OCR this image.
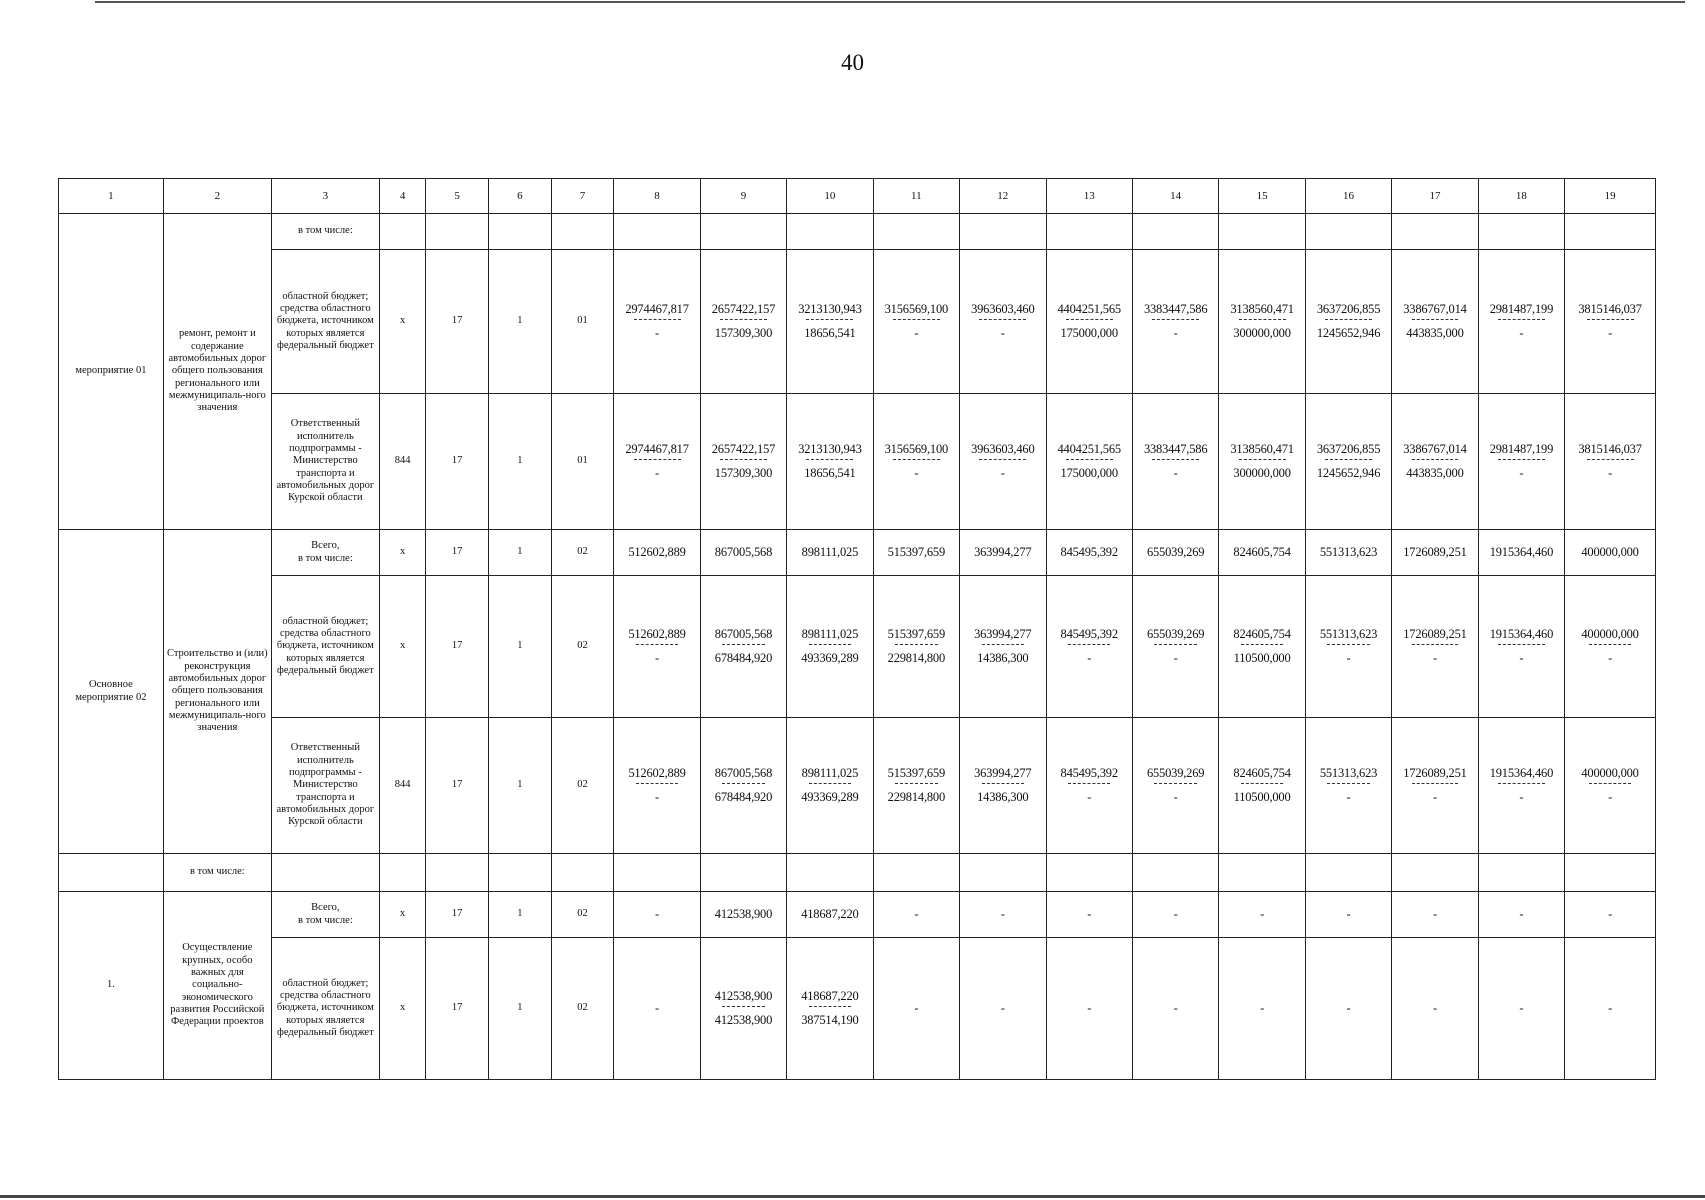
40
1	2	3	4	5	6	7	8	9	10	11	12	13	14	15	16	17	18	19
мероприятие 01	ремонт, ремонт и содержание автомобильных дорог общего пользования регионального или межмуниципаль-ного значения	в том числе:																
		областной бюджет; средства областного бюджета, источником которых является федеральный бюджет	x	17	1	01	$\frac{2974467,817}{-}$	$\frac{2657422,157}{157309,300}$	$\frac{3213130,943}{18656,541}$	$\frac{3156569,100}{-}$	$\frac{3963603,460}{-}$	$\frac{4404251,565}{175000,000}$	$\frac{3383447,586}{-}$	$\frac{3138560,471}{300000,000}$	$\frac{3637206,855}{1245652,946}$	$\frac{3386767,014}{443835,000}$	$\frac{2981487,199}{-}$	$\frac{3815146,037}{-}$

		Ответственный исполнитель подпрограммы - Министерство транспорта и автомобильных дорог Курской области	844	17	1	01	$\frac{2974467,817}{-}$	$\frac{2657422,157}{157309,300}$	$\frac{3213130,943}{18656,541}$	$\frac{3156569,100}{-}$	$\frac{3963603,460}{-}$	$\frac{4404251,565}{175000,000}$	$\frac{3383447,586}{-}$	$\frac{3138560,471}{300000,000}$	$\frac{3637206,855}{1245652,946}$	$\frac{3386767,014}{443835,000}$	$\frac{2981487,199}{-}$	$\frac{3815146,037}{-}$

Основное мероприятие 02	Строительство и (или) реконструкция автомобильных дорог общего пользования регионального или межмуниципаль-ного значения	Всего,
в том числе:	x	17	1	02	512602,889	867005,568	898111,025	515397,659	363994,277	845495,392	655039,269	824605,754	551313,623	1726089,251	1915364,460	400000,000
		областной бюджет; средства областного бюджета, источником которых является федеральный бюджет	x	17	1	02	$\frac{512602,889}{-}$	$\frac{867005,568}{678484,920}$	$\frac{898111,025}{493369,289}$	$\frac{515397,659}{229814,800}$	$\frac{363994,277}{14386,300}$	$\frac{845495,392}{-}$	$\frac{655039,269}{-}$	$\frac{824605,754}{110500,000}$	$\frac{551313,623}{-}$	$\frac{1726089,251}{-}$	$\frac{1915364,460}{-}$	$\frac{400000,000}{-}$

		Ответственный исполнитель подпрограммы - Министерство транспорта и автомобильных дорог Курской области	844	17	1	02	$\frac{512602,889}{-}$	$\frac{867005,568}{678484,920}$	$\frac{898111,025}{493369,289}$	$\frac{515397,659}{229814,800}$	$\frac{363994,277}{14386,300}$	$\frac{845495,392}{-}$	$\frac{655039,269}{-}$	$\frac{824605,754}{110500,000}$	$\frac{551313,623}{-}$	$\frac{1726089,251}{-}$	$\frac{1915364,460}{-}$	$\frac{400000,000}{-}$

	в том числе:																	
1.	Осуществление крупных, особо важных для социально-экономического развития Российской Федерации проектов	Всего,
в том числе:	x	17	1	02	-	412538,900	418687,220	-	-	-	-	-	-	-	-	-
		областной бюджет; средства областного бюджета, источником которых является федеральный бюджет	x	17	1	02	-	$\frac{412538,900}{412538,900}$	$\frac{418687,220}{387514,190}$	-	-	-	-	-	-	-	-	-
